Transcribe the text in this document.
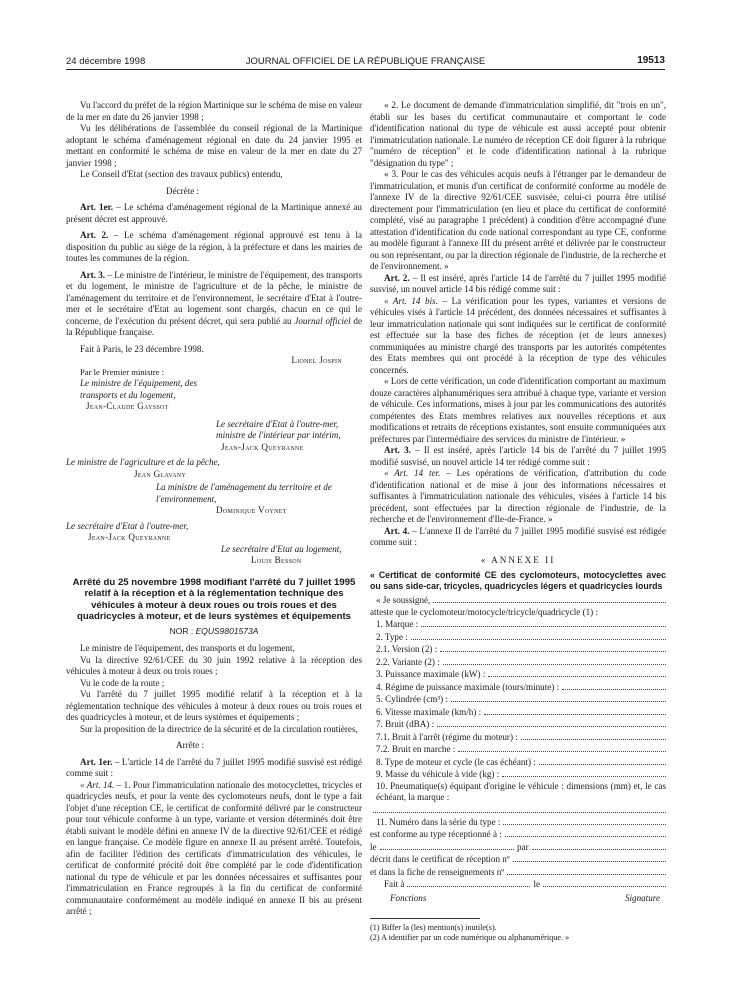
24 décembre 1998	JOURNAL OFFICIEL DE LA RÉPUBLIQUE FRANÇAISE	19513

Vu l'accord du préfet de la région Martinique sur le schéma de mise en valeur de la mer en date du 26 janvier 1998 ;

Vu les délibérations de l'assemblée du conseil régional de la Martinique adoptant le schéma d'aménagement régional en date du 24 janvier 1995 et mettant en conformité le schéma de mise en valeur de la mer en date du 27 janvier 1998 ;

Le Conseil d'Etat (section des travaux publics) entendu,

Décrète :

Art. 1er. – Le schéma d'aménagement régional de la Martinique annexé au présent décret est approuvé.

Art. 2. – Le schéma d'aménagement régional approuvé est tenu à la disposition du public au siège de la région, à la préfecture et dans les mairies de toutes les communes de la région.

Art. 3. – Le ministre de l'intérieur, le ministre de l'équipement, des transports et du logement, le ministre de l'agriculture et de la pêche, le ministre de l'aménagement du territoire et de l'environnement, le secrétaire d'Etat à l'outre-mer et le secrétaire d'Etat au logement sont chargés, chacun en ce qui le concerne, de l'exécution du présent décret, qui sera publié au Journal officiel de la République française.

Fait à Paris, le 23 décembre 1998.

Lionel Jospin

Par le Premier ministre :

Le ministre de l'équipement, des transports et du logement,

Jean-Claude Gayssot

Le secrétaire d'Etat à l'outre-mer, ministre de l'intérieur par intérim,

Jean-Jack Queyranne

Le ministre de l'agriculture et de la pêche,

Jean Glavany

La ministre de l'aménagement du territoire et de l'environnement,

Dominique Voynet

Le secrétaire d'Etat à l'outre-mer,

Jean-Jack Queyranne

Le secrétaire d'Etat au logement,

Louis Besson

Arrêté du 25 novembre 1998 modifiant l'arrêté du 7 juillet 1995 relatif à la réception et à la réglementation technique des véhicules à moteur à deux roues ou trois roues et des quadricycles à moteur, et de leurs systèmes et équipements
NOR : EQUS9801573A

Le ministre de l'équipement, des transports et du logement,

Vu la directive 92/61/CEE du 30 juin 1992 relative à la réception des véhicules à moteur à deux ou trois roues ;

Vu le code de la route ;

Vu l'arrêté du 7 juillet 1995 modifié relatif à la réception et à la réglementation technique des véhicules à moteur à deux roues ou trois roues et des quadricycles à moteur, et de leurs systèmes et équipements ;

Sur la proposition de la directrice de la sécurité et de la circulation routières,

Arrête :

Art. 1er. – L'article 14 de l'arrêté du 7 juillet 1995 modifié susvisé est rédigé comme suit :

« Art. 14. – 1. Pour l'immatriculation nationale des motocyclettes, tricycles et quadricycles neufs, et pour la vente des cyclomoteurs neufs, dont le type a fait l'objet d'une réception CE, le certificat de conformité délivré par le constructeur pour tout véhicule conforme à un type, variante et version déterminés doit être établi suivant le modèle défini en annexe IV de la directive 92/61/CEE et rédigé en langue française. Ce modèle figure en annexe II au présent arrêté. Toutefois, afin de faciliter l'édition des certificats d'immatriculation des véhicules, le certificat de conformité précité doit être complété par le code d'identification national du type de véhicule et par les données nécessaires et suffisantes pour l'immatriculation en France regroupés à la fin du certificat de conformité communautaire conformément au modèle indiqué en annexe II bis au présent arrêté ;

« 2. Le document de demande d'immatriculation simplifié, dit "trois en un", établi sur les bases du certificat communautaire et comportant le code d'identification national du type de véhicule est aussi accepté pour obtenir l'immatriculation nationale. Le numéro de réception CE doit figurer à la rubrique "numéro de réception" et le code d'identification national à la rubrique "désignation du type" ;

« 3. Pour le cas des véhicules acquis neufs à l'étranger par le demandeur de l'immatriculation, et munis d'un certificat de conformité conforme au modèle de l'annexe IV de la directive 92/61/CEE susvisée, celui-ci pourra être utilisé directement pour l'immatriculation (en lieu et place du certificat de conformité complété, visé au paragraphe 1 précédent) à condition d'être accompagné d'une attestation d'identification du code national correspondant au type CE, conforme au modèle figurant à l'annexe III du présent arrêté et délivrée par le constructeur ou son représentant, ou par la direction régionale de l'industrie, de la recherche et de l'environnement. »

Art. 2. – Il est inséré, après l'article 14 de l'arrêté du 7 juillet 1995 modifié susvisé, un nouvel article 14 bis rédigé comme suit :

« Art. 14 bis. – La vérification pour les types, variantes et versions de véhicules visés à l'article 14 précédent, des données nécessaires et suffisantes à leur immatriculation nationale qui sont indiquées sur le certificat de conformité est effectuée sur la base des fiches de réception (et de leurs annexes) communiquées au ministre chargé des transports par les autorités compétentes des Etats membres qui ont procédé à la réception de type des véhicules concernés.

« Lors de cette vérification, un code d'identification comportant au maximum douze caractères alphanumériques sera attribué à chaque type, variante et version de véhicule. Ces informations, mises à jour par les communications des autorités compétentes des Etats membres relatives aux nouvelles réceptions et aux modifications et retraits de réceptions existantes, sont ensuite communiquées aux préfectures par l'intermédiaire des services du ministre de l'intérieur. »

Art. 3. – Il est inséré, après l'article 14 bis de l'arrêté du 7 juillet 1995 modifié susvisé, un nouvel article 14 ter rédigé comme suit :

« Art. 14 ter. – Les opérations de vérification, d'attribution du code d'identification national et de mise à jour des informations nécessaires et suffisantes à l'immatriculation nationale des véhicules, visées à l'article 14 bis précédent, sont effectuées par la direction régionale de l'industrie, de la recherche et de l'environnement d'Ile-de-France. »

Art. 4. – L'annexe II de l'arrêté du 7 juillet 1995 modifié susvisé est rédigée comme suit :

« ANNEXE II

« Certificat de conformité CE des cyclomoteurs, motocyclettes avec ou sans side-car, tricycles, quadricycles légers et quadricycles lourds

« Je soussigné,
atteste que le cyclomoteur/motocycle/tricycle/quadricycle (1) :
1. Marque :
2. Type :
2.1. Version (2) :
2.2. Variante (2) :
3. Puissance maximale (kW) :
4. Régime de puissance maximale (tours/minute) :
5. Cylindrée (cm³) :
6. Vitesse maximale (km/h) :
7. Bruit (dBA) :
7.1. Bruit à l'arrêt (régime du moteur) :
7.2. Bruit en marche :
8. Type de moteur et cycle (le cas échéant) :
9. Masse du véhicule à vide (kg) :
10. Pneumatique(s) équipant d'origine le véhicule : dimensions (mm) et, le cas échéant, la marque :
11. Numéro dans la série du type :
est conforme au type réceptionné à :
le	par
décrit dans le certificat de réception nº
et dans la fiche de renseignements nº
Fait à	le
Fonctions	Signature

(1) Biffer la (les) mention(s) inutile(s).

(2) A identifier par un code numérique ou alphanumérique. »
